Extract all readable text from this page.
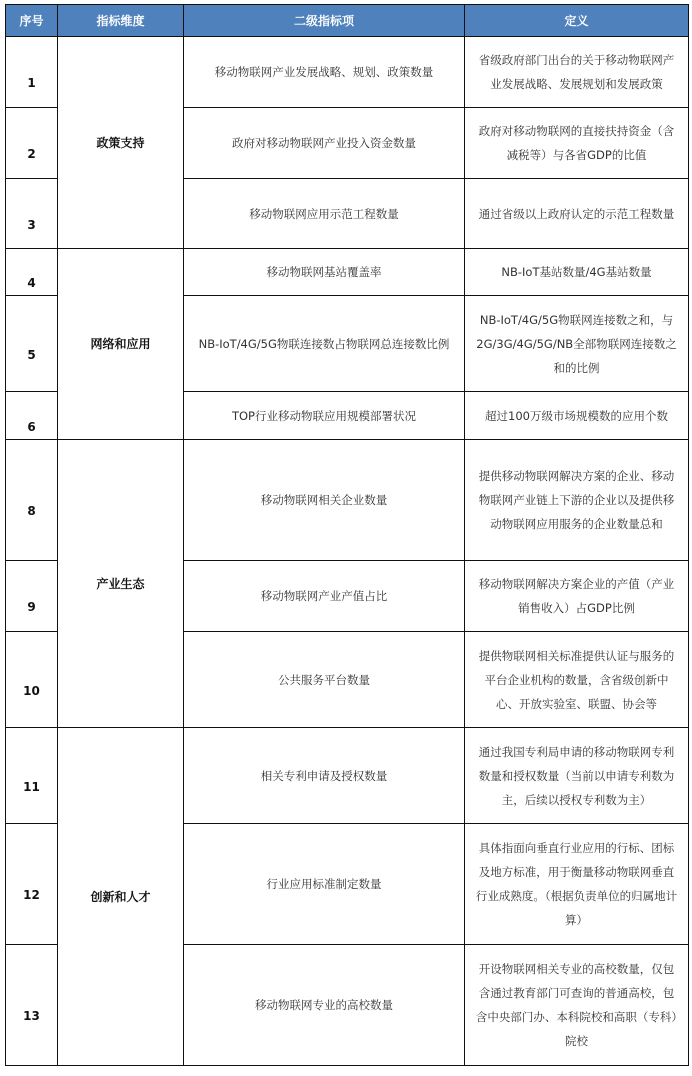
序号	指标维度	二级指标项	定义
1	政策支持	移动物联网产业发展战略、规划、政策数量	省级政府部门出台的关于移动物联网产业发展战略、发展规划和发展政策
2		政府对移动物联网产业投入资金数量	政府对移动物联网的直接扶持资金（含减税等）与各省GDP的比值
3		移动物联网应用示范工程数量	通过省级以上政府认定的示范工程数量
4	网络和应用	移动物联网基站覆盖率	NB-IoT基站数量/4G基站数量
5		NB-IoT/4G/5G物联连接数占物联网总连接数比例	NB-IoT/4G/5G物联网连接数之和，与2G/3G/4G/5G/NB全部物联网连接数之和的比例
6		TOP行业移动物联应用规模部署状况	超过100万级市场规模数的应用个数
8	产业生态	移动物联网相关企业数量	提供移动物联网解决方案的企业、移动物联网产业链上下游的企业以及提供移动物联网应用服务的企业数量总和
9		移动物联网产业产值占比	移动物联网解决方案企业的产值（产业销售收入）占GDP比例
10		公共服务平台数量	提供物联网相关标准提供认证与服务的平台企业机构的数量，含省级创新中心、开放实验室、联盟、协会等
11	创新和人才	相关专利申请及授权数量	通过我国专利局申请的移动物联网专利数量和授权数量（当前以申请专利数为主，后续以授权专利数为主）
12		行业应用标准制定数量	具体指面向垂直行业应用的行标、团标及地方标准，用于衡量移动物联网垂直行业成熟度。（根据负责单位的归属地计算）
13		移动物联网专业的高校数量	开设物联网相关专业的高校数量，仅包含通过教育部门可查询的普通高校，包含中央部门办、本科院校和高职（专科）院校
